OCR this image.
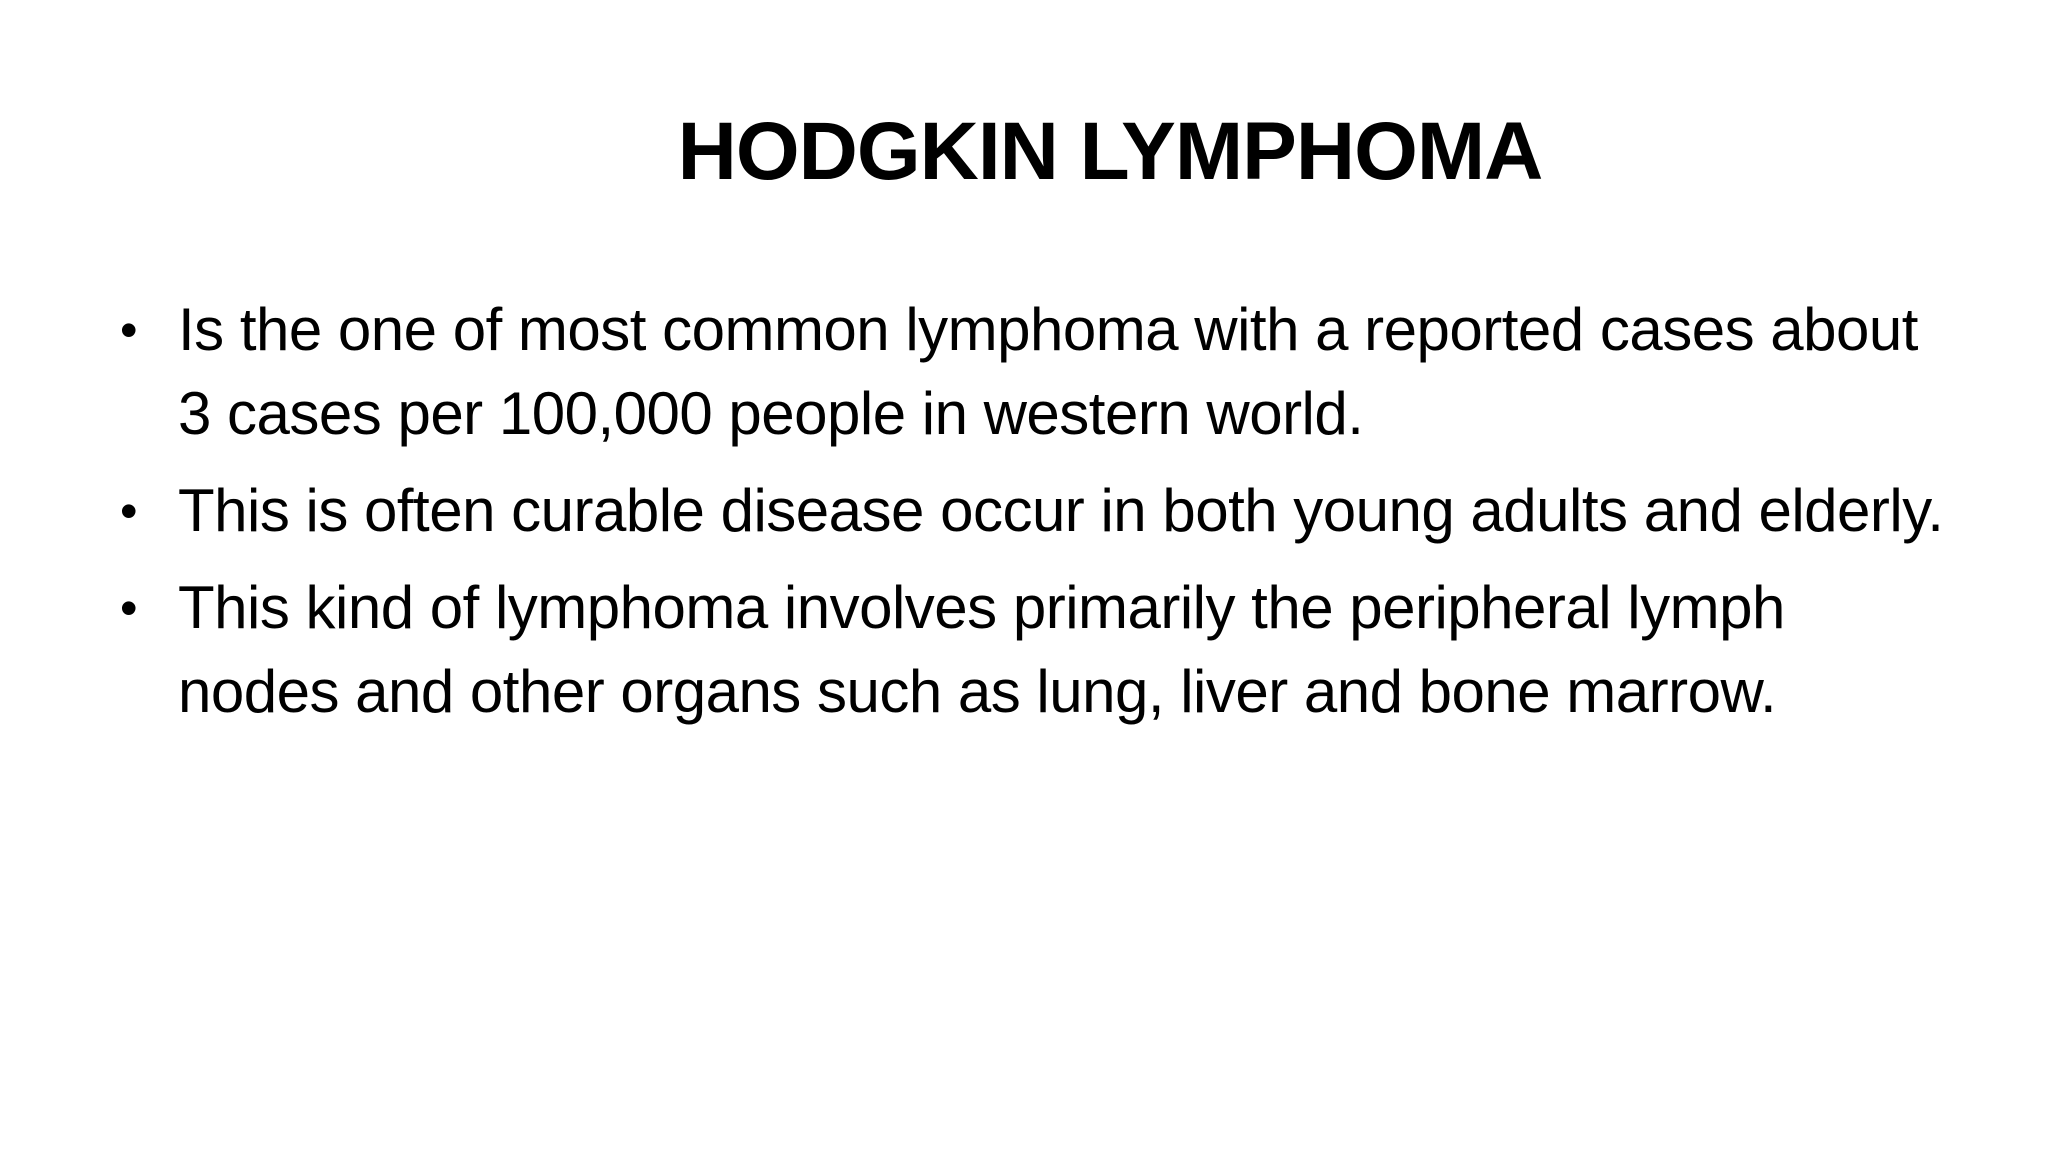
HODGKIN LYMPHOMA
• Is the one of most common lymphoma with a reported cases about 3 cases per 100,000 people in western world.
• This is often curable disease occur in both young adults and elderly.
• This kind of lymphoma involves primarily the peripheral lymph nodes and other organs such as lung, liver and bone marrow.
